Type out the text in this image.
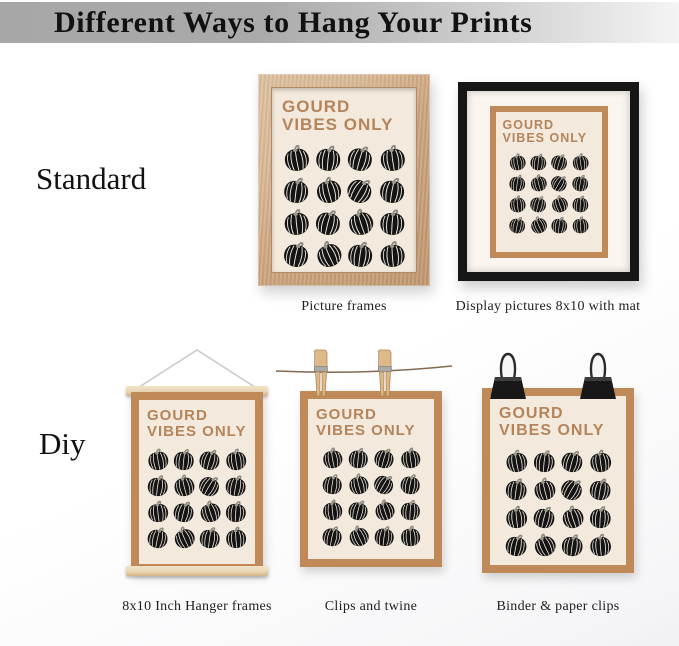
Different Ways to Hang Your Prints
Standard
Diy
GOURD
VIBES ONLY	GOURD
VIBES ONLY
GOURD
VIBES ONLY
GOURD
VIBES ONLY
GOURD
VIBES ONLY
Picture frames	Display pictures 8x10 with mat
8x10 Inch Hanger frames	Clips and twine	Binder & paper clips
